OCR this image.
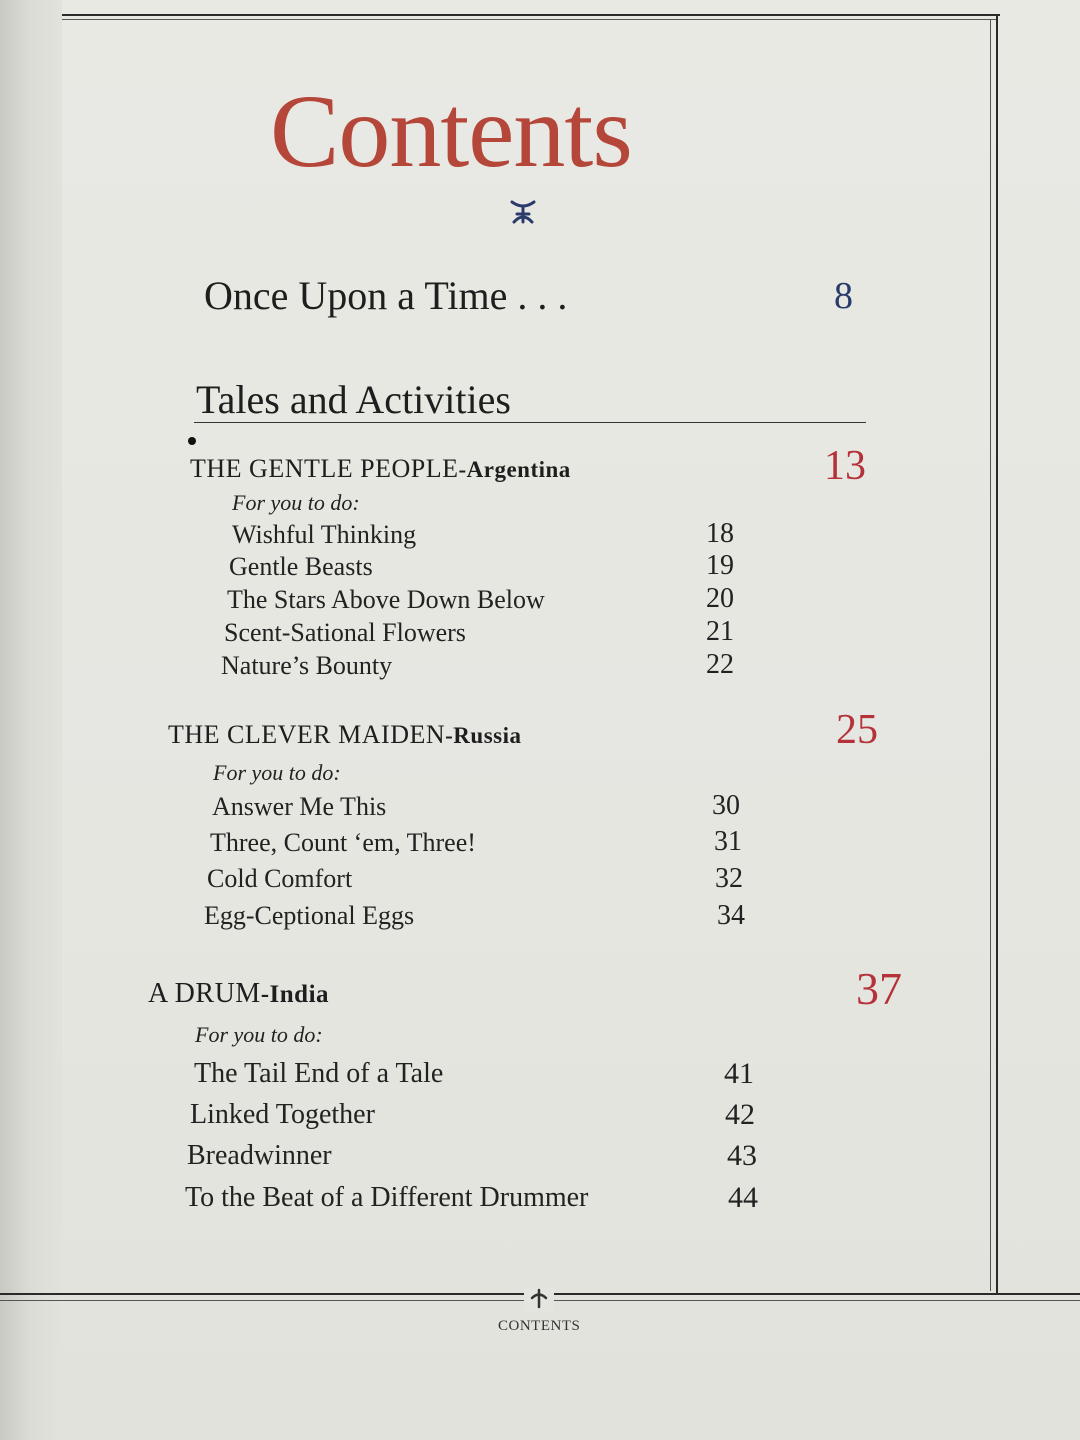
Contents
Once Upon a Time . . .	8
Tales and Activities
THE GENTLE PEOPLE-Argentina	13
For you to do:
Wishful Thinking	18
Gentle Beasts	19
The Stars Above Down Below	20
Scent-Sational Flowers	21
Nature’s Bounty	22
THE CLEVER MAIDEN-Russia	25
For you to do:
Answer Me This	30
Three, Count ‘em, Three!	31
Cold Comfort	32
Egg-Ceptional Eggs	34
A DRUM-India	37
For you to do:
The Tail End of a Tale	41
Linked Together	42
Breadwinner	43
To the Beat of a Different Drummer	44
CONTENTS
